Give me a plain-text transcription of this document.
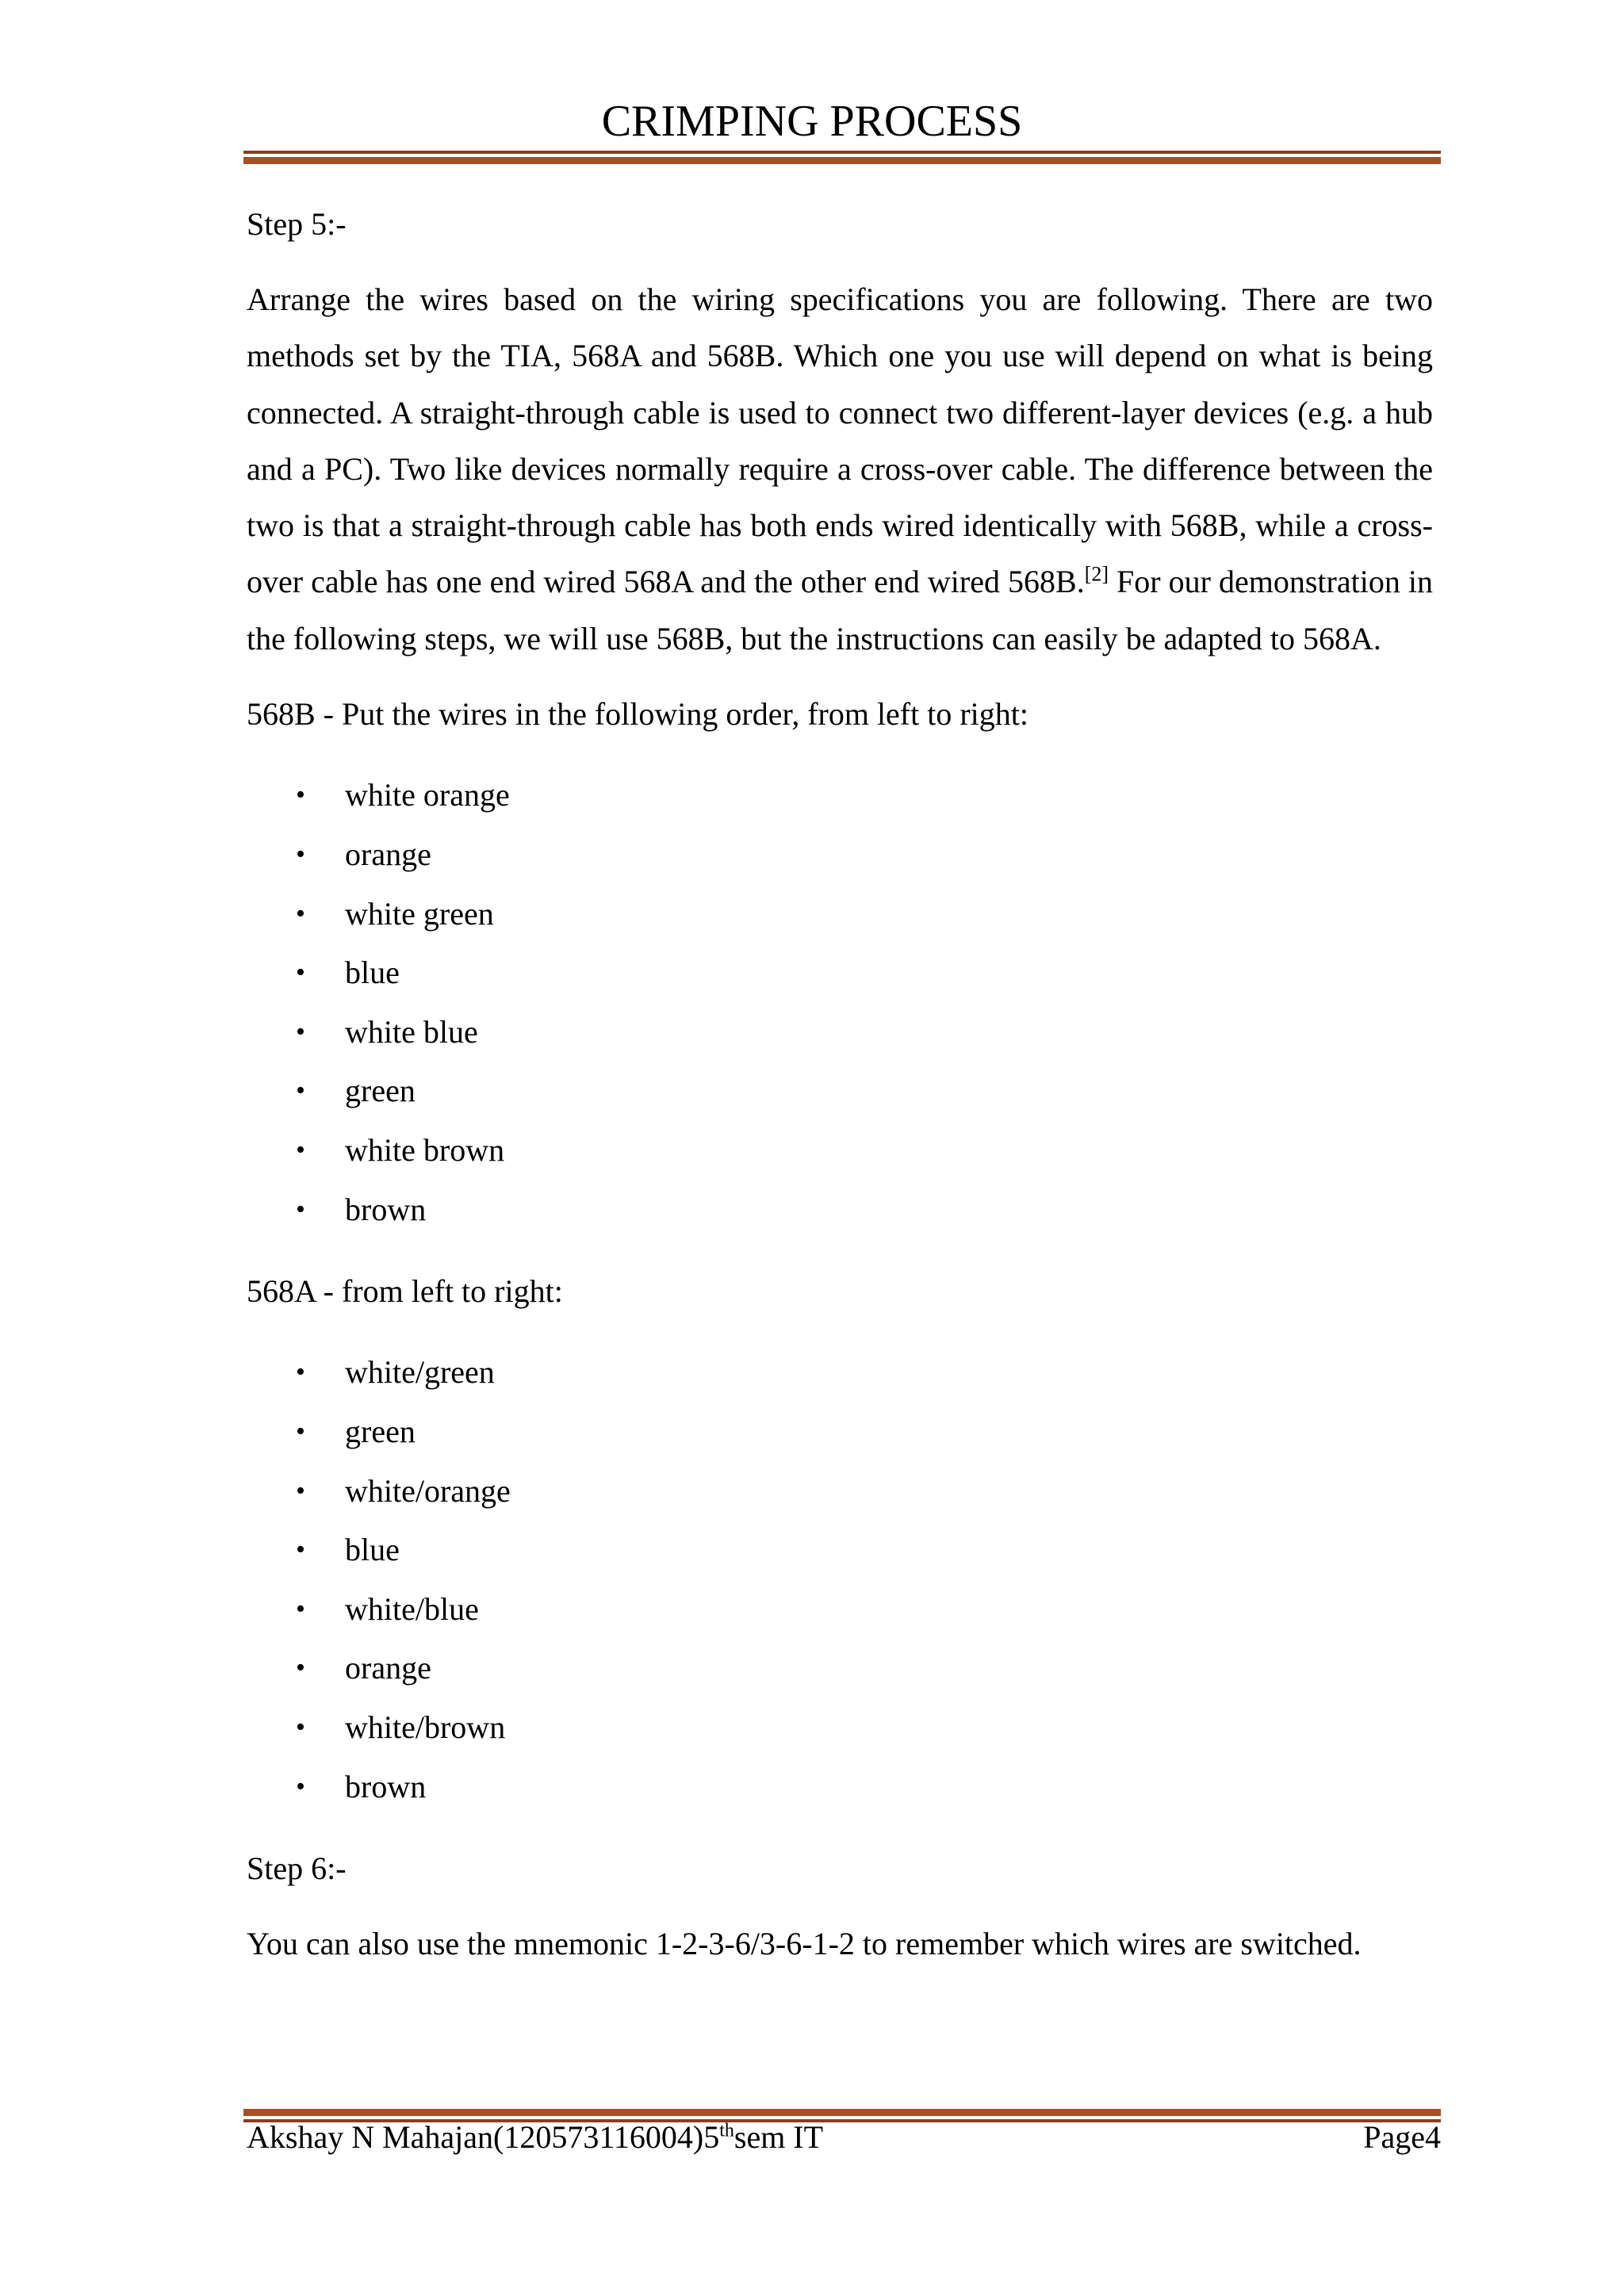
CRIMPING PROCESS

Step 5:-

Arrange the wires based on the wiring specifications you are following. There are two methods set by the TIA, 568A and 568B. Which one you use will depend on what is being connected. A straight-through cable is used to connect two different-layer devices (e.g. a hub and a PC). Two like devices normally require a cross-over cable. The difference between the two is that a straight-through cable has both ends wired identically with 568B, while a cross-over cable has one end wired 568A and the other end wired 568B.[2] For our demonstration in the following steps, we will use 568B, but the instructions can easily be adapted to 568A.

568B - Put the wires in the following order, from left to right:

• white orange
• orange
• white green
• blue
• white blue
• green
• white brown
• brown

568A - from left to right:

• white/green
• green
• white/orange
• blue
• white/blue
• orange
• white/brown
• brown

Step 6:-

You can also use the mnemonic 1-2-3-6/3-6-1-2 to remember which wires are switched.

Akshay N Mahajan(120573116004)5thsem IT	Page4
